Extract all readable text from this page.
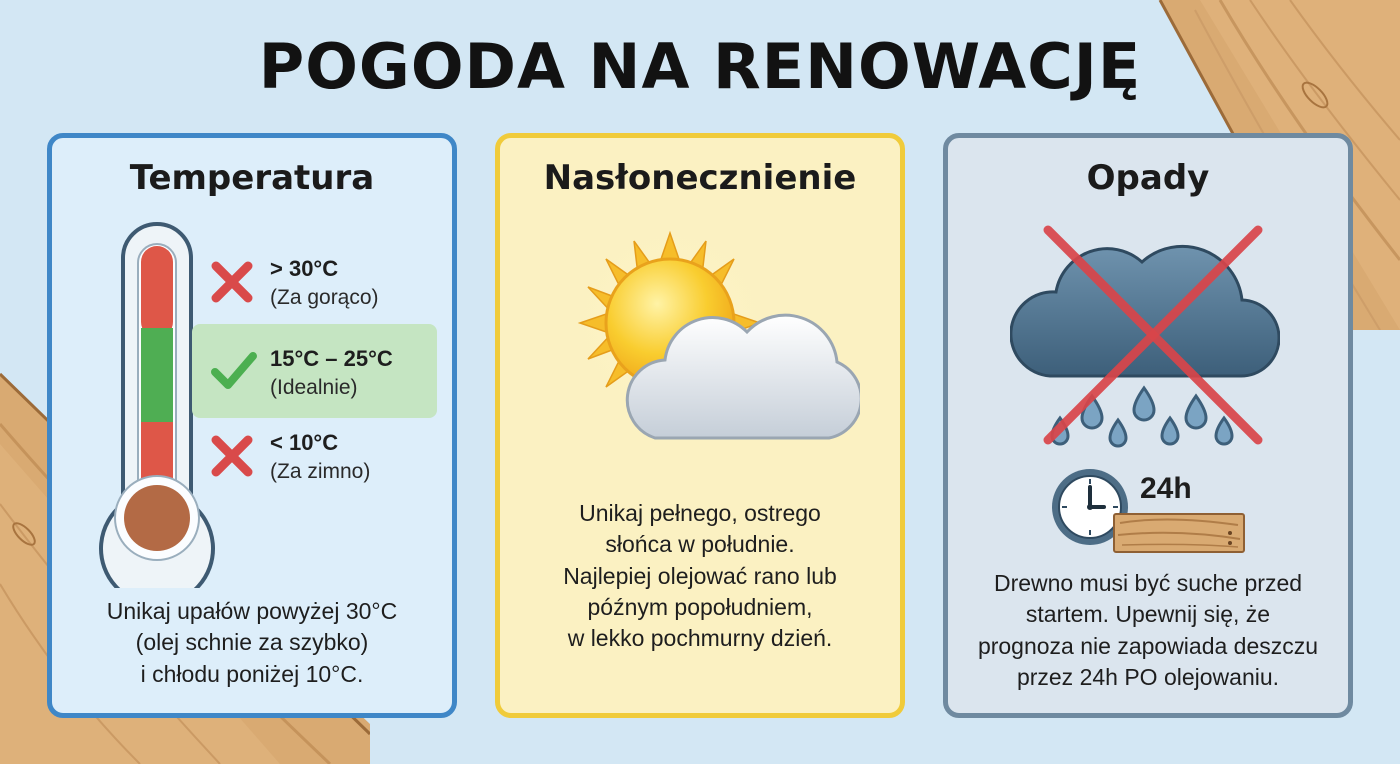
POGODA NA RENOWACJĘ
Temperatura
> 30°C
(Za gorąco)
15°C – 25°C
(Idealnie)
< 10°C
(Za zimno)

Unikaj upałów powyżej 30°C
(olej schnie za szybko)
i chłodu poniżej 10°C.

Nasłonecznienie

Unikaj pełnego, ostrego
słońca w południe.
Najlepiej olejować rano lub
późnym popołudniem,
w lekko pochmurny dzień.

Opady
24h

Drewno musi być suche przed
startem. Upewnij się, że
prognoza nie zapowiada deszczu
przez 24h PO olejowaniu.
